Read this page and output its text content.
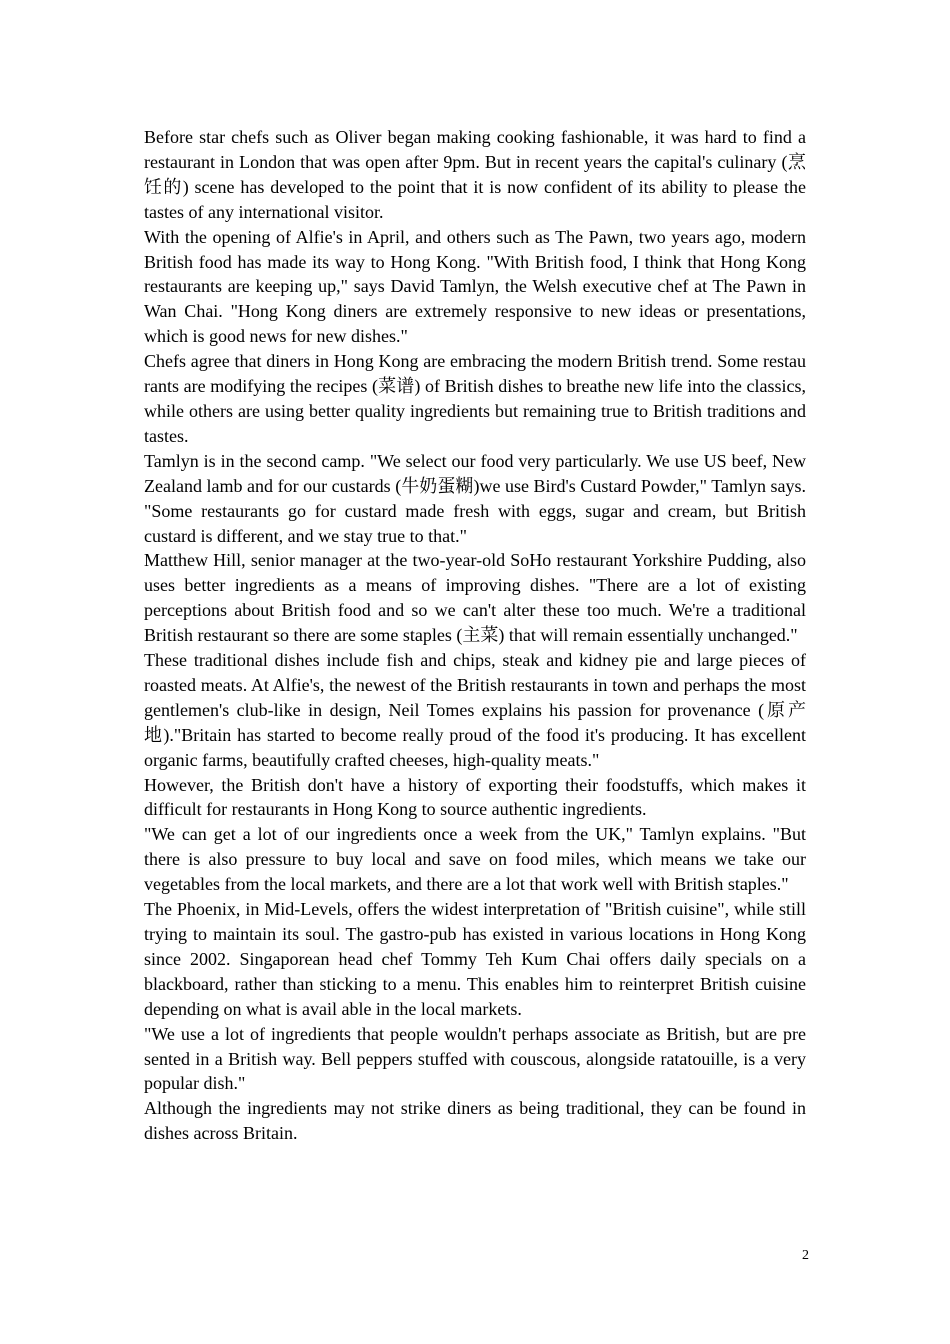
Before star chefs such as Oliver began making cooking fashionable, it was hard to find a restaurant in London that was open after 9pm. But in recent years the capital's culinary (烹饪的) scene has developed to the point that it is now confident of its ability to please the tastes of any international visitor.

With the opening of Alfie's in April, and others such as The Pawn, two years ago, modern British food has made its way to Hong Kong. "With British food, I think that Hong Kong restaurants are keeping up," says David Tamlyn, the Welsh executive chef at The Pawn in Wan Chai. "Hong Kong diners are extremely responsive to new ideas or presentations, which is good news for new dishes."

Chefs agree that diners in Hong Kong are embracing the modern British trend. Some restau rants are modifying the recipes (菜谱) of British dishes to breathe new life into the classics, while others are using better quality ingredients but remaining true to British traditions and tastes.

Tamlyn is in the second camp. "We select our food very particularly. We use US beef, New Zealand lamb and for our custards (牛奶蛋糊)we use Bird's Custard Powder," Tamlyn says. "Some restaurants go for custard made fresh with eggs, sugar and cream, but British custard is different, and we stay true to that."

Matthew Hill, senior manager at the two-year-old SoHo restaurant Yorkshire Pudding, also uses better ingredients as a means of improving dishes. "There are a lot of existing perceptions about British food and so we can't alter these too much. We're a traditional British restaurant so there are some staples (主菜) that will remain essentially unchanged."

These traditional dishes include fish and chips, steak and kidney pie and large pieces of roasted meats. At Alfie's, the newest of the British restaurants in town and perhaps the most gentlemen's club-like in design, Neil Tomes explains his passion for provenance (原产 地)."Britain has started to become really proud of the food it's producing. It has excellent organic farms, beautifully crafted cheeses, high-quality meats."

However, the British don't have a history of exporting their foodstuffs, which makes it difficult for restaurants in Hong Kong to source authentic ingredients.

"We can get a lot of our ingredients once a week from the UK," Tamlyn explains. "But there is also pressure to buy local and save on food miles, which means we take our vegetables from the local markets, and there are a lot that work well with British staples."

The Phoenix, in Mid-Levels, offers the widest interpretation of "British cuisine", while still trying to maintain its soul. The gastro-pub has existed in various locations in Hong Kong since 2002. Singaporean head chef Tommy Teh Kum Chai offers daily specials on a blackboard, rather than sticking to a menu. This enables him to reinterpret British cuisine depending on what is avail able in the local markets.

"We use a lot of ingredients that people wouldn't perhaps associate as British, but are pre sented in a British way. Bell peppers stuffed with couscous, alongside ratatouille, is a very popular dish."

Although the ingredients may not strike diners as being traditional, they can be found in dishes across Britain.

2
